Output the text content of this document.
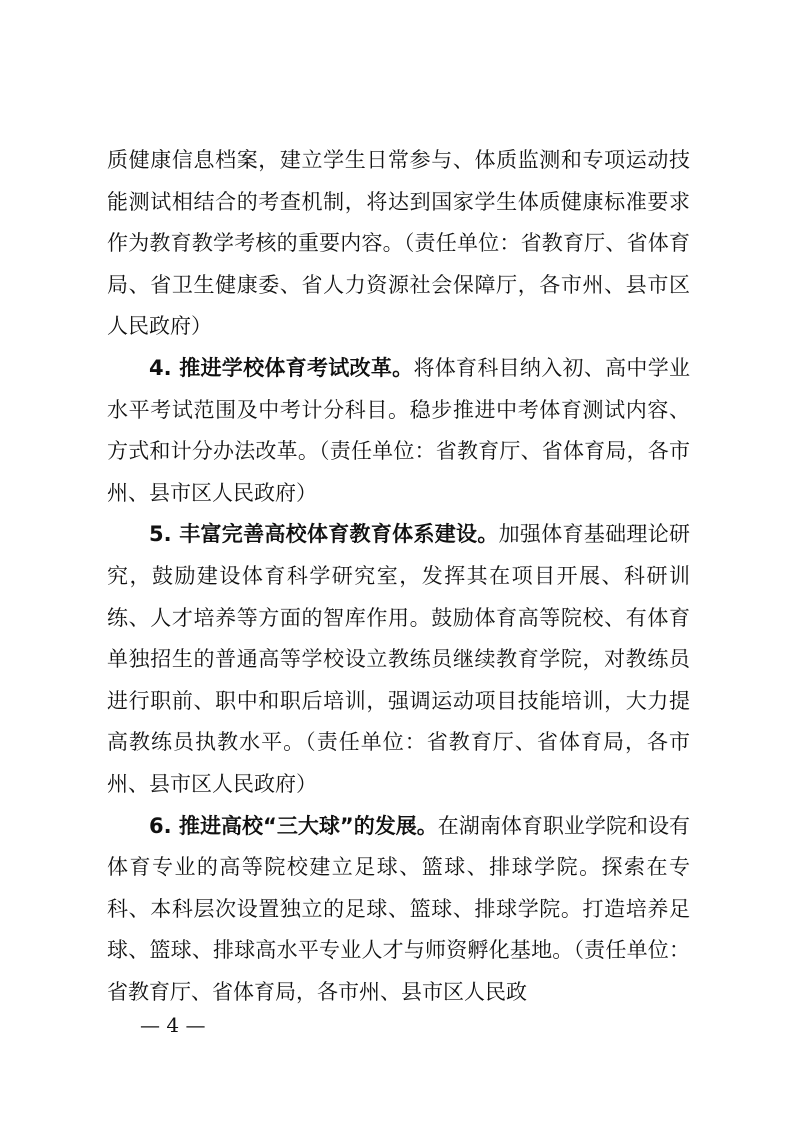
质健康信息档案，建立学生日常参与、体质监测和专项运动技能测试相结合的考查机制，将达到国家学生体质健康标准要求作为教育教学考核的重要内容。（责任单位：省教育厅、省体育局、省卫生健康委、省人力资源社会保障厅，各市州、县市区人民政府）

4. 推进学校体育考试改革。将体育科目纳入初、高中学业水平考试范围及中考计分科目。稳步推进中考体育测试内容、方式和计分办法改革。（责任单位：省教育厅、省体育局，各市州、县市区人民政府）

5. 丰富完善高校体育教育体系建设。加强体育基础理论研究，鼓励建设体育科学研究室，发挥其在项目开展、科研训练、人才培养等方面的智库作用。鼓励体育高等院校、有体育单独招生的普通高等学校设立教练员继续教育学院，对教练员进行职前、职中和职后培训，强调运动项目技能培训，大力提高教练员执教水平。（责任单位：省教育厅、省体育局，各市州、县市区人民政府）

6. 推进高校“三大球”的发展。在湖南体育职业学院和设有体育专业的高等院校建立足球、篮球、排球学院。探索在专科、本科层次设置独立的足球、篮球、排球学院。打造培养足球、篮球、排球高水平专业人才与师资孵化基地。（责任单位：省教育厅、省体育局，各市州、县市区人民政

— 4 —
